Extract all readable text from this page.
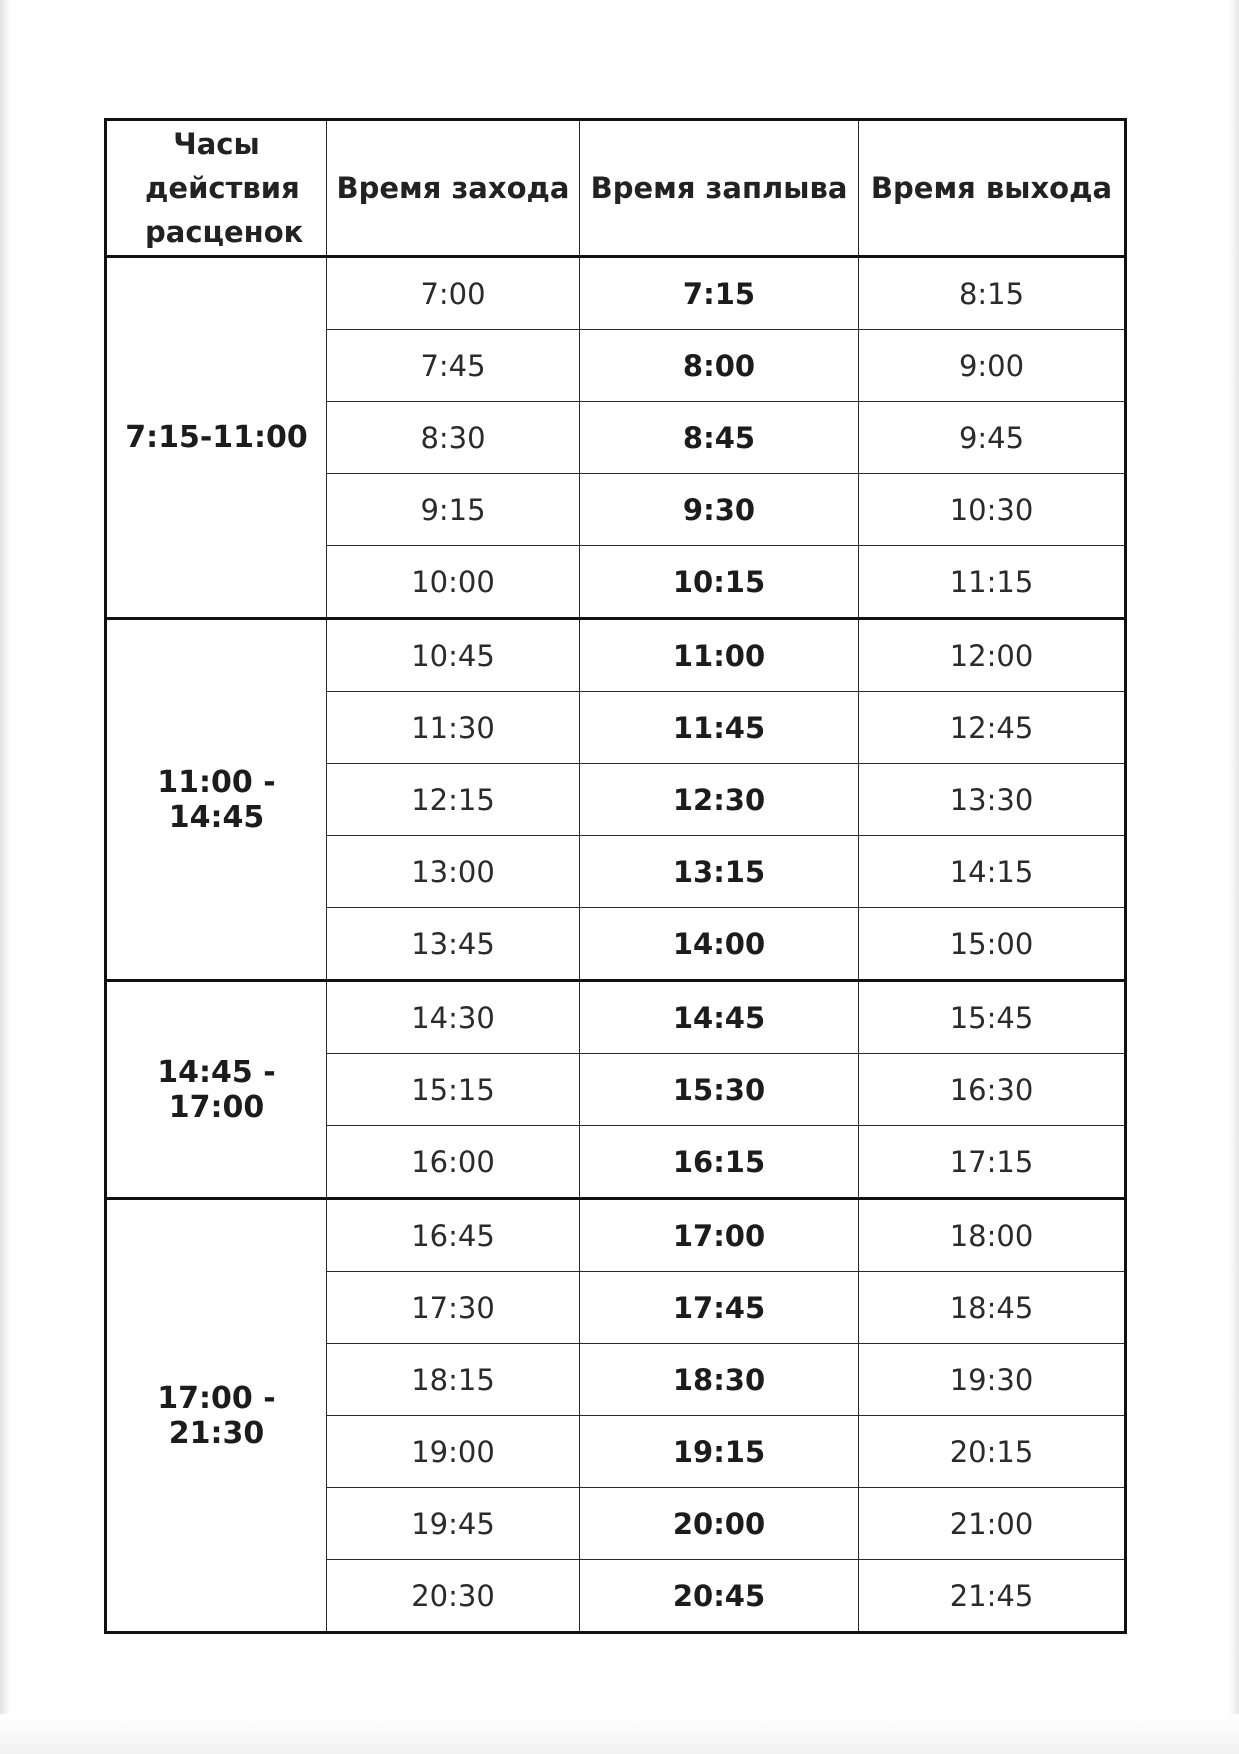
Часы действия расценок	Время захода	Время заплыва	Время выхода
7:15-11:00	7:00	7:15	8:15
	7:45	8:00	9:00
	8:30	8:45	9:45
	9:15	9:30	10:30
	10:00	10:15	11:15
11:00 - 14:45	10:45	11:00	12:00
	11:30	11:45	12:45
	12:15	12:30	13:30
	13:00	13:15	14:15
	13:45	14:00	15:00
14:45 - 17:00	14:30	14:45	15:45
	15:15	15:30	16:30
	16:00	16:15	17:15
17:00 - 21:30	16:45	17:00	18:00
	17:30	17:45	18:45
	18:15	18:30	19:30
	19:00	19:15	20:15
	19:45	20:00	21:00
	20:30	20:45	21:45
